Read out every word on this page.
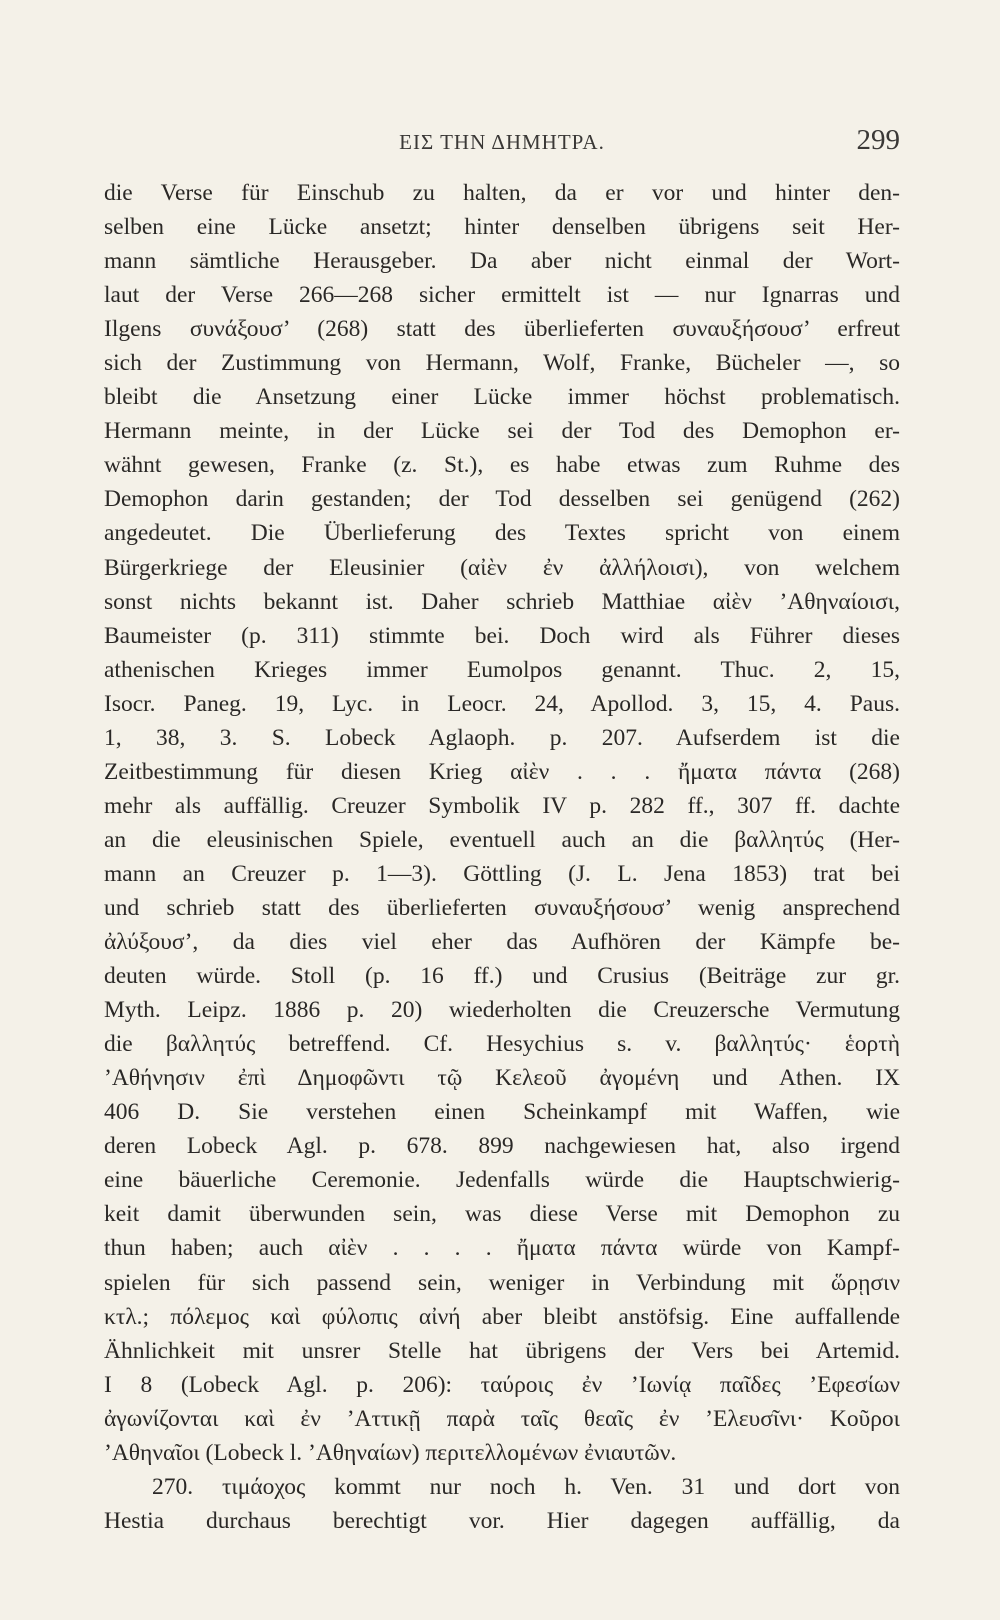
ΕΙΣ ΤΗΝ ΔΗΜΗΤΡΑ.	299
die Verse für Einschub zu halten, da er vor und hinter den-
selben eine Lücke ansetzt; hinter denselben übrigens seit Her-
mann sämtliche Herausgeber. Da aber nicht einmal der Wort-
laut der Verse 266—268 sicher ermittelt ist — nur Ignarras und
Ilgens συνάξουσ’ (268) statt des überlieferten συναυξήσουσ’ erfreut
sich der Zustimmung von Hermann, Wolf, Franke, Bücheler —, so
bleibt die Ansetzung einer Lücke immer höchst problematisch.
Hermann meinte, in der Lücke sei der Tod des Demophon er-
wähnt gewesen, Franke (z. St.), es habe etwas zum Ruhme des
Demophon darin gestanden; der Tod desselben sei genügend (262)
angedeutet. Die Überlieferung des Textes spricht von einem
Bürgerkriege der Eleusinier (αἰὲν ἐν ἀλλήλοισι), von welchem
sonst nichts bekannt ist. Daher schrieb Matthiae αἰὲν ’Αθηναίοισι,
Baumeister (p. 311) stimmte bei. Doch wird als Führer dieses
athenischen Krieges immer Eumolpos genannt. Thuc. 2, 15,
Isocr. Paneg. 19, Lyc. in Leocr. 24, Apollod. 3, 15, 4. Paus.
1, 38, 3. S. Lobeck Aglaoph. p. 207. Aufserdem ist die
Zeitbestimmung für diesen Krieg αἰὲν . . . ἤματα πάντα (268)
mehr als auffällig. Creuzer Symbolik IV p. 282 ff., 307 ff. dachte
an die eleusinischen Spiele, eventuell auch an die βαλλητύς (Her-
mann an Creuzer p. 1—3). Göttling (J. L. Jena 1853) trat bei
und schrieb statt des überlieferten συναυξήσουσ’ wenig ansprechend
ἀλύξουσ’, da dies viel eher das Aufhören der Kämpfe be-
deuten würde. Stoll (p. 16 ff.) und Crusius (Beiträge zur gr.
Myth. Leipz. 1886 p. 20) wiederholten die Creuzersche Vermutung
die βαλλητύς betreffend. Cf. Hesychius s. v. βαλλητύς· ἑορτὴ
’Αθήνησιν ἐπὶ Δημοφῶντι τῷ Κελεοῦ ἀγομένη und Athen. IX
406 D. Sie verstehen einen Scheinkampf mit Waffen, wie
deren Lobeck Agl. p. 678. 899 nachgewiesen hat, also irgend
eine bäuerliche Ceremonie. Jedenfalls würde die Hauptschwierig-
keit damit überwunden sein, was diese Verse mit Demophon zu
thun haben; auch αἰὲν . . . . ἤματα πάντα würde von Kampf-
spielen für sich passend sein, weniger in Verbindung mit ὥρῃσιν
κτλ.; πόλεμος καὶ φύλοπις αἰνή aber bleibt anstöfsig. Eine auffallende
Ähnlichkeit mit unsrer Stelle hat übrigens der Vers bei Artemid.
I 8 (Lobeck Agl. p. 206): ταύροις ἐν ’Ιωνίᾳ παῖδες ’Εφεσίων
ἀγωνίζονται καὶ ἐν ’Αττικῇ παρὰ ταῖς θεαῖς ἐν ’Ελευσῖνι· Κοῦροι
’Αθηναῖοι (Lobeck l. ’Αθηναίων) περιτελλομένων ἐνιαυτῶν.
270. τιμάοχος kommt nur noch h. Ven. 31 und dort von
Hestia durchaus berechtigt vor. Hier dagegen auffällig, da
